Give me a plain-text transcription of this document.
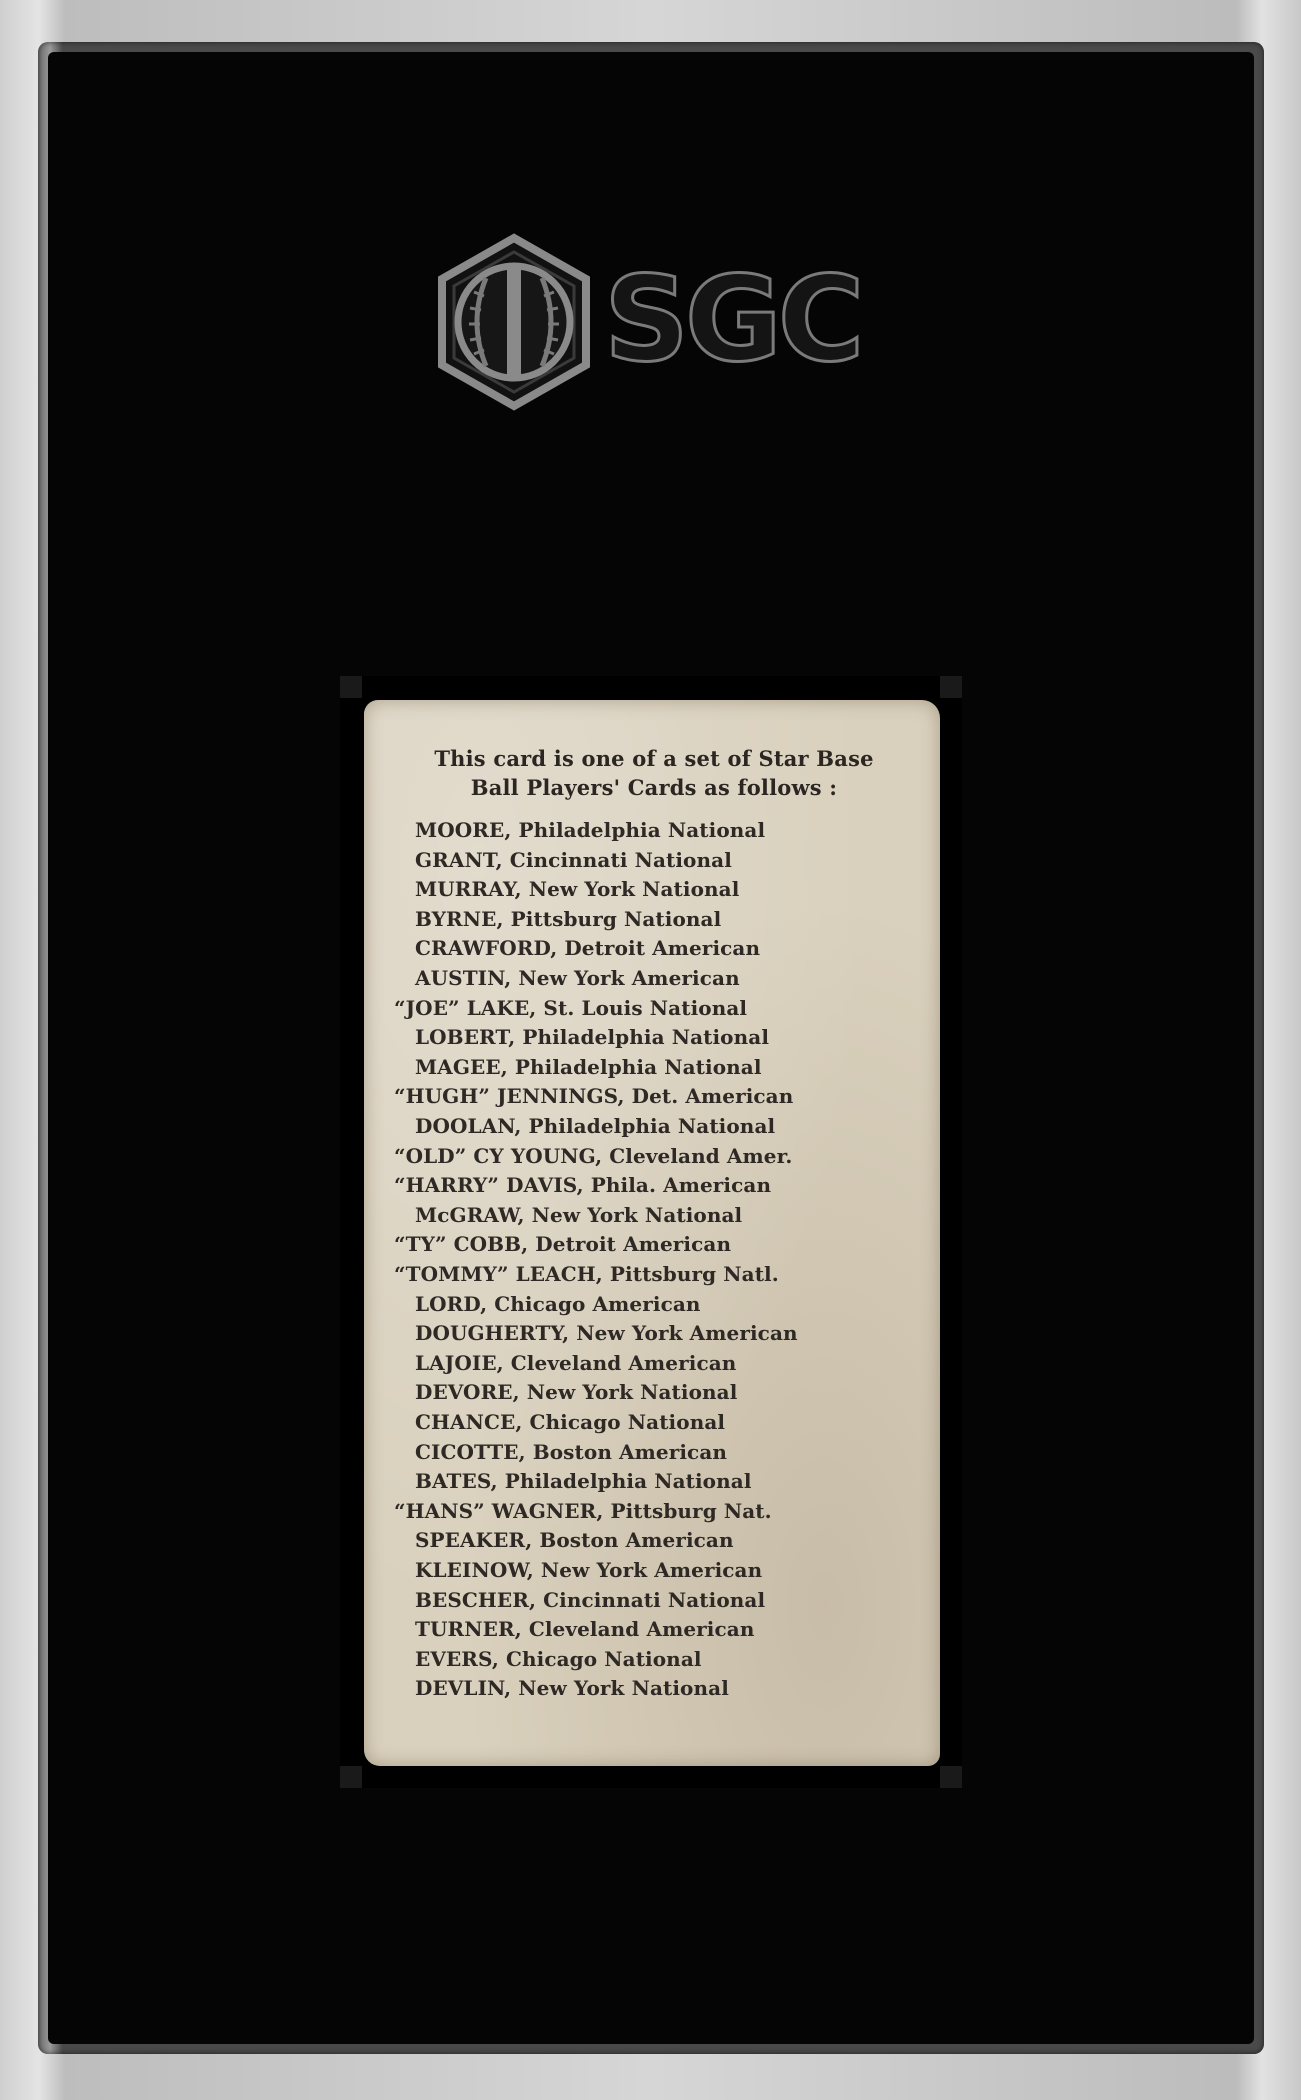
SGC
This card is one of a set of Star Base
Ball Players' Cards as follows :
MOORE, Philadelphia National
GRANT, Cincinnati National
MURRAY, New York National
BYRNE, Pittsburg National
CRAWFORD, Detroit American
AUSTIN, New York American
“JOE” LAKE, St. Louis National
LOBERT, Philadelphia National
MAGEE, Philadelphia National
“HUGH” JENNINGS, Det. American
DOOLAN, Philadelphia National
“OLD” CY YOUNG, Cleveland Amer.
“HARRY” DAVIS, Phila. American
McGRAW, New York National
“TY” COBB, Detroit American
“TOMMY” LEACH, Pittsburg Natl.
LORD, Chicago American
DOUGHERTY, New York American
LAJOIE, Cleveland American
DEVORE, New York National
CHANCE, Chicago National
CICOTTE, Boston American
BATES, Philadelphia National
“HANS” WAGNER, Pittsburg Nat.
SPEAKER, Boston American
KLEINOW, New York American
BESCHER, Cincinnati National
TURNER, Cleveland American
EVERS, Chicago National
DEVLIN, New York National
